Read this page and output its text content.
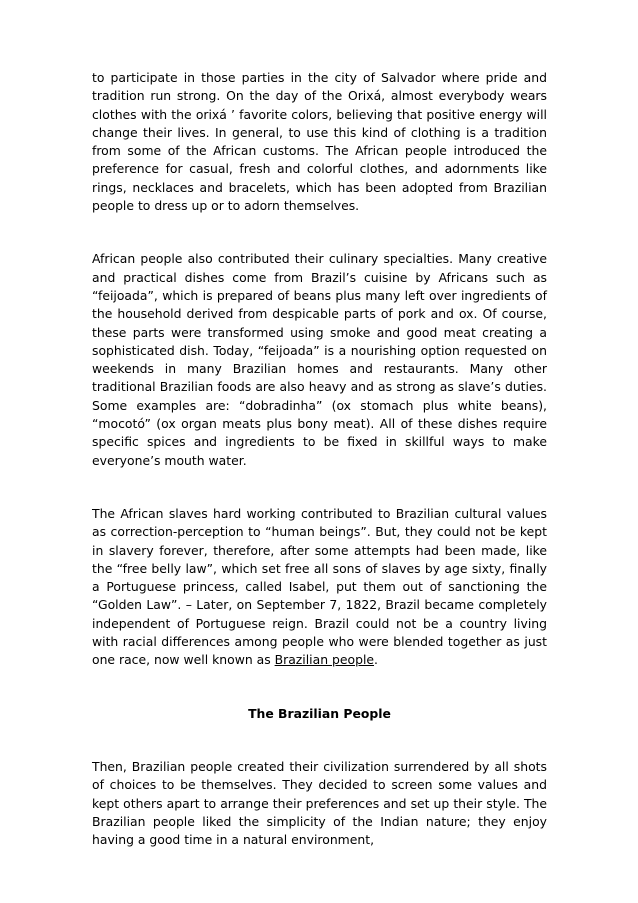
to participate in those parties in the city of Salvador where pride and tradition run strong. On the day of the Orixá, almost everybody wears clothes with the orixá ’ favorite colors, believing that positive energy will change their lives. In general, to use this kind of clothing is a tradition from some of the African customs. The African people introduced the preference for casual, fresh and colorful clothes, and adornments like rings, necklaces and bracelets, which has been adopted from Brazilian people to dress up or to adorn themselves.

African people also contributed their culinary specialties. Many creative and practical dishes come from Brazil’s cuisine by Africans such as “feijoada”, which is prepared of beans plus many left over ingredients of the household derived from despicable parts of pork and ox. Of course, these parts were transformed using smoke and good meat creating a sophisticated dish. Today, “feijoada” is a nourishing option requested on weekends in many Brazilian homes and restaurants. Many other traditional Brazilian foods are also heavy and as strong as slave’s duties. Some examples are: “dobradinha” (ox stomach plus white beans), “mocotó” (ox organ meats plus bony meat). All of these dishes require specific spices and ingredients to be fixed in skillful ways to make everyone’s mouth water.

The African slaves hard working contributed to Brazilian cultural values as correction-perception to “human beings”. But, they could not be kept in slavery forever, therefore, after some attempts had been made, like the “free belly law”, which set free all sons of slaves by age sixty, finally a Portuguese princess, called Isabel, put them out of sanctioning the “Golden Law”. – Later, on September 7, 1822, Brazil became completely independent of Portuguese reign. Brazil could not be a country living with racial differences among people who were blended together as just one race, now well known as Brazilian people.

The Brazilian People

Then, Brazilian people created their civilization surrendered by all shots of choices to be themselves. They decided to screen some values and kept others apart to arrange their preferences and set up their style. The Brazilian people liked the simplicity of the Indian nature; they enjoy having a good time in a natural environment,
